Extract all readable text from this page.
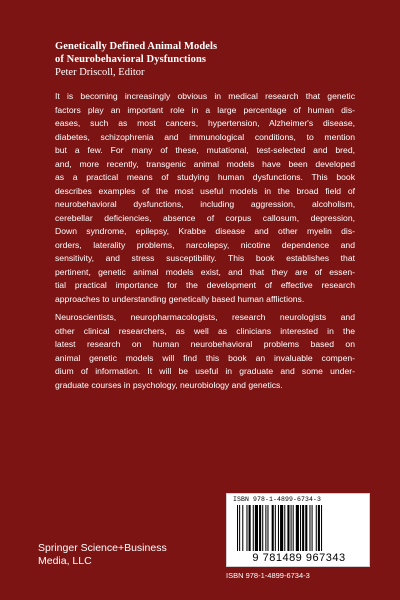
Genetically Defined Animal Models
of Neurobehavioral Dysfunctions
Peter Driscoll, Editor
It is becoming increasingly obvious in medical research that genetic
factors play an important role in a large percentage of human dis-
eases, such as most cancers, hypertension, Alzheimer's disease,
diabetes, schizophrenia and immunological conditions, to mention
but a few. For many of these, mutational, test-selected and bred,
and, more recently, transgenic animal models have been developed
as a practical means of studying human dysfunctions. This book
describes examples of the most useful models in the broad field of
neurobehavioral dysfunctions, including aggression, alcoholism,
cerebellar deficiencies, absence of corpus callosum, depression,
Down syndrome, epilepsy, Krabbe disease and other myelin dis-
orders, laterality problems, narcolepsy, nicotine dependence and
sensitivity, and stress susceptibility. This book establishes that
pertinent, genetic animal models exist, and that they are of essen-
tial practical importance for the development of effective research
approaches to understanding genetically based human afflictions.
Neuroscientists, neuropharmacologists, research neurologists and
other clinical researchers, as well as clinicians interested in the
latest research on human neurobehavioral problems based on
animal genetic models will find this book an invaluable compen-
dium of information. It will be useful in graduate and some under-
graduate courses in psychology, neurobiology and genetics.
ISBN 978-1-4899-6734-3
9 781489 967343
ISBN 978-1-4899-6734-3
Springer Science+Business
Media, LLC
